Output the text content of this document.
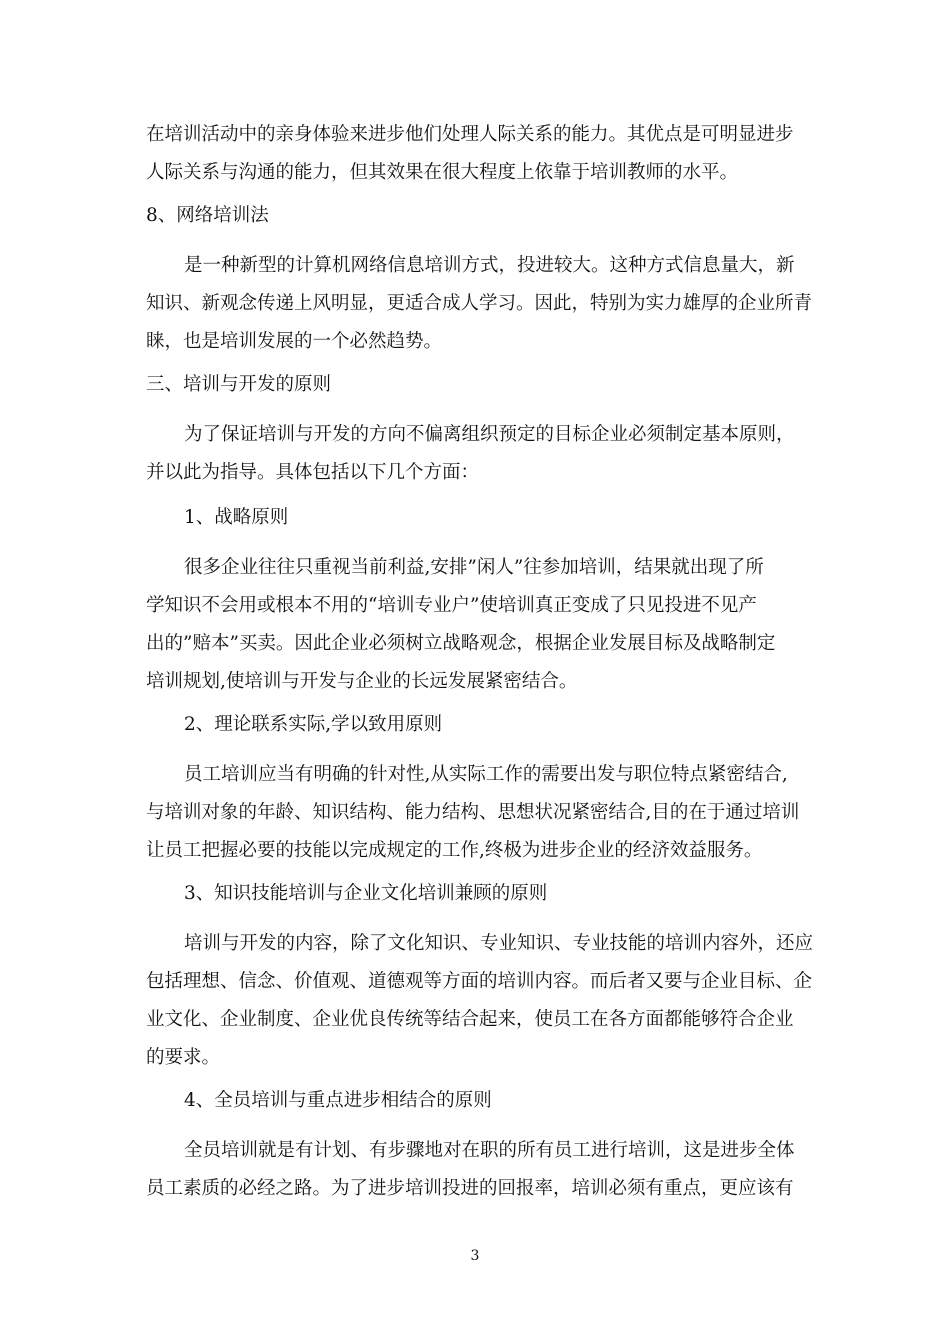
在培训活动中的亲身体验来进步他们处理人际关系的能力。其优点是可明显进步
人际关系与沟通的能力，但其效果在很大程度上依靠于培训教师的水平。
8、网络培训法
是一种新型的计算机网络信息培训方式，投进较大。这种方式信息量大，新
知识、新观念传递上风明显，更适合成人学习。因此，特别为实力雄厚的企业所青
睐，也是培训发展的一个必然趋势。
三、培训与开发的原则
为了保证培训与开发的方向不偏离组织预定的目标企业必须制定基本原则，
并以此为指导。具体包括以下几个方面：
1、战略原则
很多企业往往只重视当前利益,安排”闲人”往参加培训，结果就出现了所
学知识不会用或根本不用的“培训专业户”使培训真正变成了只见投进不见产
出的”赔本”买卖。因此企业必须树立战略观念，根据企业发展目标及战略制定
培训规划,使培训与开发与企业的长远发展紧密结合。
2、理论联系实际,学以致用原则
员工培训应当有明确的针对性,从实际工作的需要出发与职位特点紧密结合,
与培训对象的年龄、知识结构、能力结构、思想状况紧密结合,目的在于通过培训
让员工把握必要的技能以完成规定的工作,终极为进步企业的经济效益服务。
3、知识技能培训与企业文化培训兼顾的原则
培训与开发的内容，除了文化知识、专业知识、专业技能的培训内容外，还应
包括理想、信念、价值观、道德观等方面的培训内容。而后者又要与企业目标、企
业文化、企业制度、企业优良传统等结合起来，使员工在各方面都能够符合企业
的要求。
4、全员培训与重点进步相结合的原则
全员培训就是有计划、有步骤地对在职的所有员工进行培训，这是进步全体
员工素质的必经之路。为了进步培训投进的回报率，培训必须有重点，更应该有
3
